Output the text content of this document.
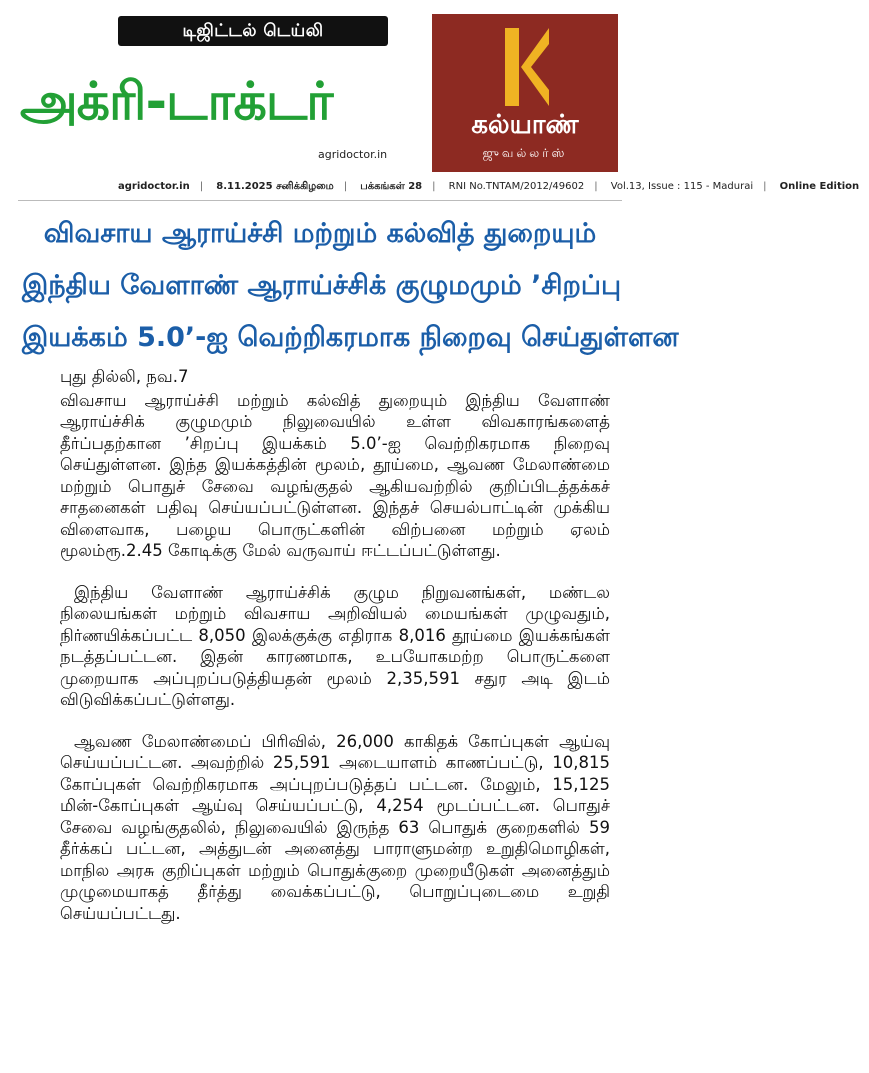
டிஜிட்டல் டெய்லி
அக்ரி-டாக்டர்
agridoctor.in
கல்யாண்
ஜுவல்லர்ஸ்
agridoctor.in | 8.11.2025 சனிக்கிழமை | பக்கங்கள் 28 | RNI No.TNTAM/2012/49602 | Vol.13, Issue : 115 - Madurai | Online Edition
விவசாய ஆராய்ச்சி மற்றும் கல்வித் துறையும்
இந்திய வேளாண் ஆராய்ச்சிக் குழுமமும் ’சிறப்பு
இயக்கம் 5.0’-ஐ வெற்றிகரமாக நிறைவு செய்துள்ளன
புது தில்லி, நவ.7

விவசாய ஆராய்ச்சி மற்றும் கல்வித் துறையும் இந்திய வேளாண் ஆராய்ச்சிக் குழுமமும் நிலுவையில் உள்ள விவகாரங்களைத் தீர்ப்பதற்கான ’சிறப்பு இயக்கம் 5.0’-ஐ வெற்றிகரமாக நிறைவு செய்துள்ளன. இந்த இயக்கத்தின் மூலம், தூய்மை, ஆவண மேலாண்மை மற்றும் பொதுச் சேவை வழங்குதல் ஆகியவற்றில் குறிப்பிடத்தக்கச் சாதனைகள் பதிவு செய்யப்பட்டுள்ளன. இந்தச் செயல்பாட்டின் முக்கிய விளைவாக, பழைய பொருட்களின் விற்பனை மற்றும் ஏலம் மூலம்ரூ.2.45 கோடிக்கு மேல் வருவாய் ஈட்டப்பட்டுள்ளது.

இந்திய வேளாண் ஆராய்ச்சிக் குழும நிறுவனங்கள், மண்டல நிலையங்கள் மற்றும் விவசாய அறிவியல் மையங்கள் முழுவதும், நிர்ணயிக்கப்பட்ட 8,050 இலக்குக்கு எதிராக 8,016 தூய்மை இயக்கங்கள் நடத்தப்பட்டன. இதன் காரணமாக, உபயோகமற்ற பொருட்களை முறையாக அப்புறப்படுத்தியதன் மூலம் 2,35,591 சதுர அடி இடம் விடுவிக்கப்பட்டுள்ளது.

ஆவண மேலாண்மைப் பிரிவில், 26,000 காகிதக் கோப்புகள் ஆய்வு செய்யப்பட்டன. அவற்றில் 25,591 அடையாளம் காணப்பட்டு, 10,815 கோப்புகள் வெற்றிகரமாக அப்புறப்படுத்தப் பட்டன. மேலும், 15,125 மின்-கோப்புகள் ஆய்வு செய்யப்பட்டு, 4,254 மூடப்பட்டன. பொதுச் சேவை வழங்குதலில், நிலுவையில் இருந்த 63 பொதுக் குறைகளில் 59 தீர்க்கப் பட்டன, அத்துடன் அனைத்து பாராளுமன்ற உறுதிமொழிகள், மாநில அரசு குறிப்புகள் மற்றும் பொதுக்குறை முறையீடுகள் அனைத்தும் முழுமையாகத் தீர்த்து வைக்கப்பட்டு, பொறுப்புடைமை உறுதி செய்யப்பட்டது.
